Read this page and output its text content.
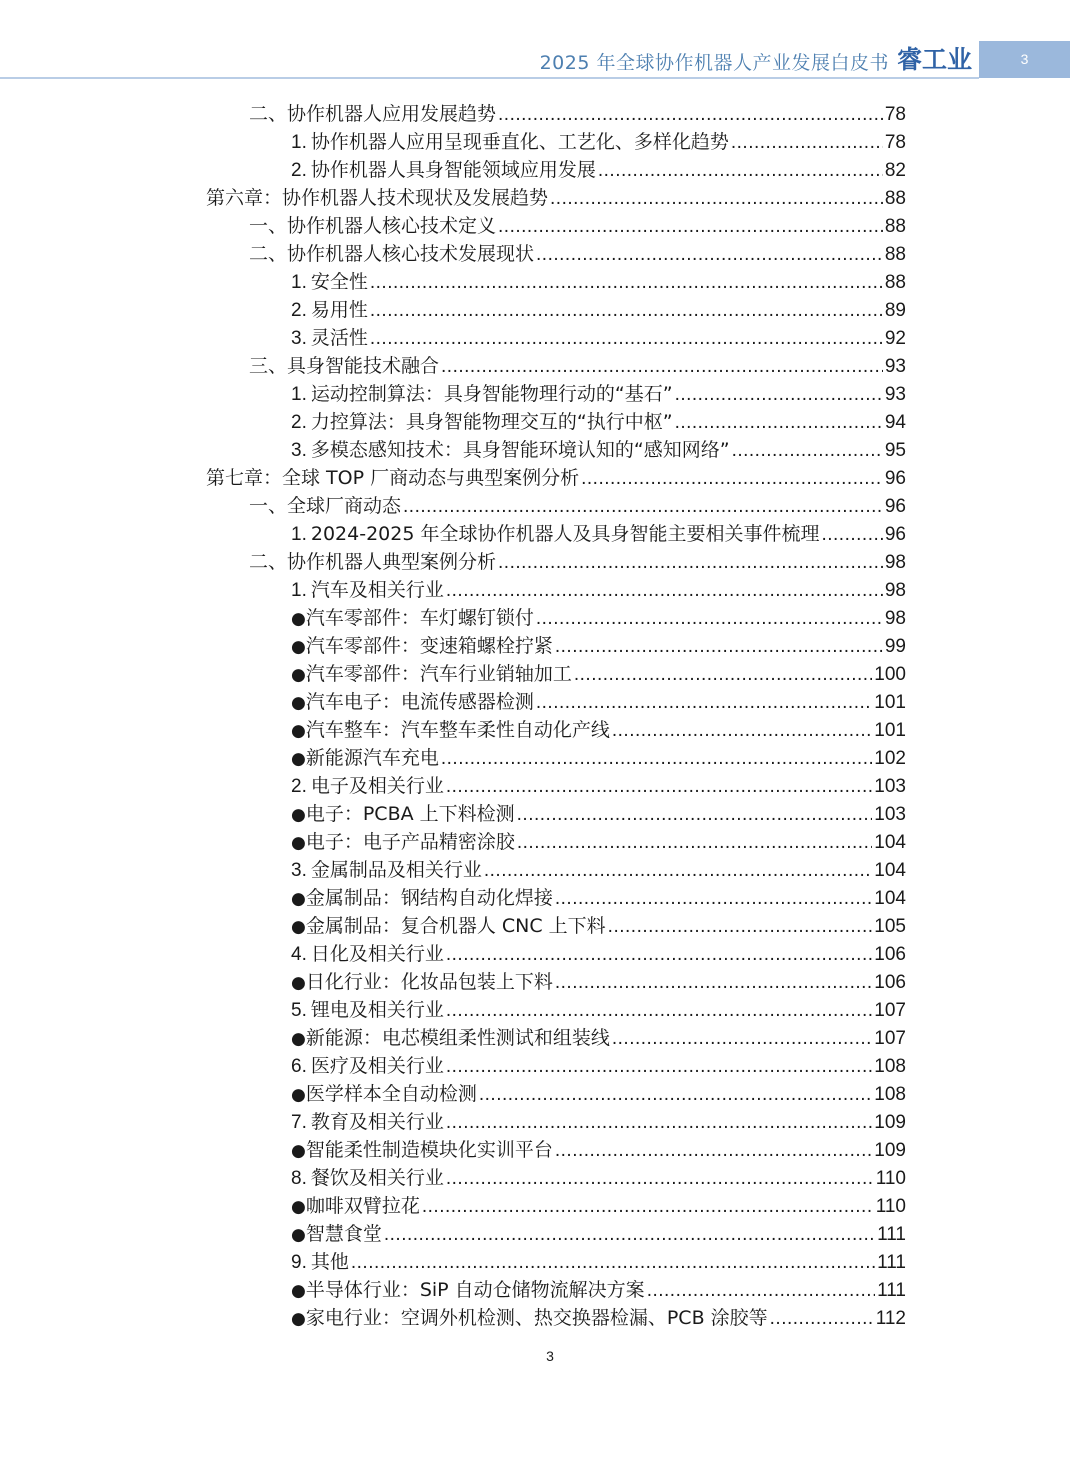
2025 年全球协作机器人产业发展白皮书 睿工业	3
二、 协作机器人应用发展趋势 .....	78
1. 协作机器人应用呈现垂直化、工艺化、多样化趋势 .....	78
2. 协作机器人具身智能领域应用发展 .....	82
第六章：协作机器人技术现状及发展趋势 .....	88
一、 协作机器人核心技术定义 .....	88
二、 协作机器人核心技术发展现状 .....	88
1. 安全性 .....	88
2. 易用性 .....	89
3. 灵活性 .....	92
三、 具身智能技术融合 .....	93
1. 运动控制算法：具身智能物理行动的“基石” .....	93
2. 力控算法：具身智能物理交互的“执行中枢” .....	94
3. 多模态感知技术：具身智能环境认知的“感知网络” .....	95
第七章：全球 TOP 厂商动态与典型案例分析 .....	96
一、 全球厂商动态 .....	96
1. 2024-2025 年全球协作机器人及具身智能主要相关事件梳理 .....	96
二、 协作机器人典型案例分析 .....	98
1. 汽车及相关行业 .....	98
● 汽车零部件：车灯螺钉锁付 .....	98
● 汽车零部件：变速箱螺栓拧紧 .....	99
● 汽车零部件：汽车行业销轴加工 .....	100
● 汽车电子：电流传感器检测 .....	101
● 汽车整车：汽车整车柔性自动化产线 .....	101
● 新能源汽车充电 .....	102
2. 电子及相关行业 .....	103
● 电子：PCBA 上下料检测 .....	103
● 电子：电子产品精密涂胶 .....	104
3. 金属制品及相关行业 .....	104
● 金属制品：钢结构自动化焊接 .....	104
● 金属制品：复合机器人 CNC 上下料 .....	105
4. 日化及相关行业 .....	106
● 日化行业：化妆品包装上下料 .....	106
5. 锂电及相关行业 .....	107
● 新能源：电芯模组柔性测试和组装线 .....	107
6. 医疗及相关行业 .....	108
● 医学样本全自动检测 .....	108
7. 教育及相关行业 .....	109
● 智能柔性制造模块化实训平台 .....	109
8. 餐饮及相关行业 .....	110
● 咖啡双臂拉花 .....	110
● 智慧食堂 .....	111
9. 其他 .....	111
● 半导体行业：SiP 自动仓储物流解决方案 .....	111
● 家电行业：空调外机检测、热交换器检漏、PCB 涂胶等 .....	112
3
